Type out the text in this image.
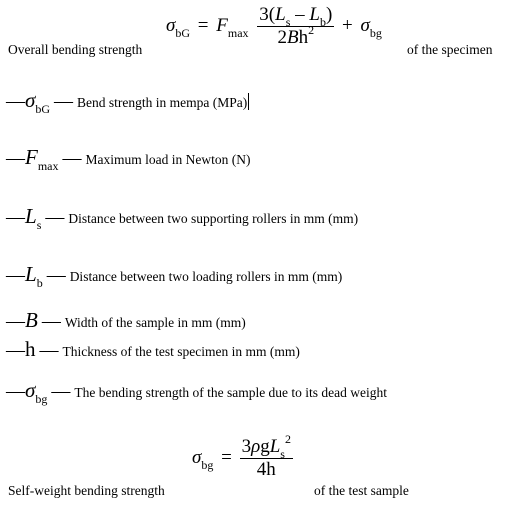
Overall bending strength
$\sigma_{bG} = F_{max} \frac{3(L_s - L_b)}{2Bh^2} + \sigma_{bg}$
of the specimen
$—\sigma_{bG}$ — Bend strength in mempa (MPa)
$—F_{max}$ — Maximum load in Newton (N)
$—L_s$ — Distance between two supporting rollers in mm (mm)
$—L_b$ — Distance between two loading rollers in mm (mm)
—B — Width of the sample in mm (mm)
—h — Thickness of the test specimen in mm (mm)
$—\sigma_{bg}$ — The bending strength of the sample due to its dead weight
Self-weight bending strength
$\sigma_{bg} = \frac{3\rho gL_s^2}{4h}$
of the test sample
